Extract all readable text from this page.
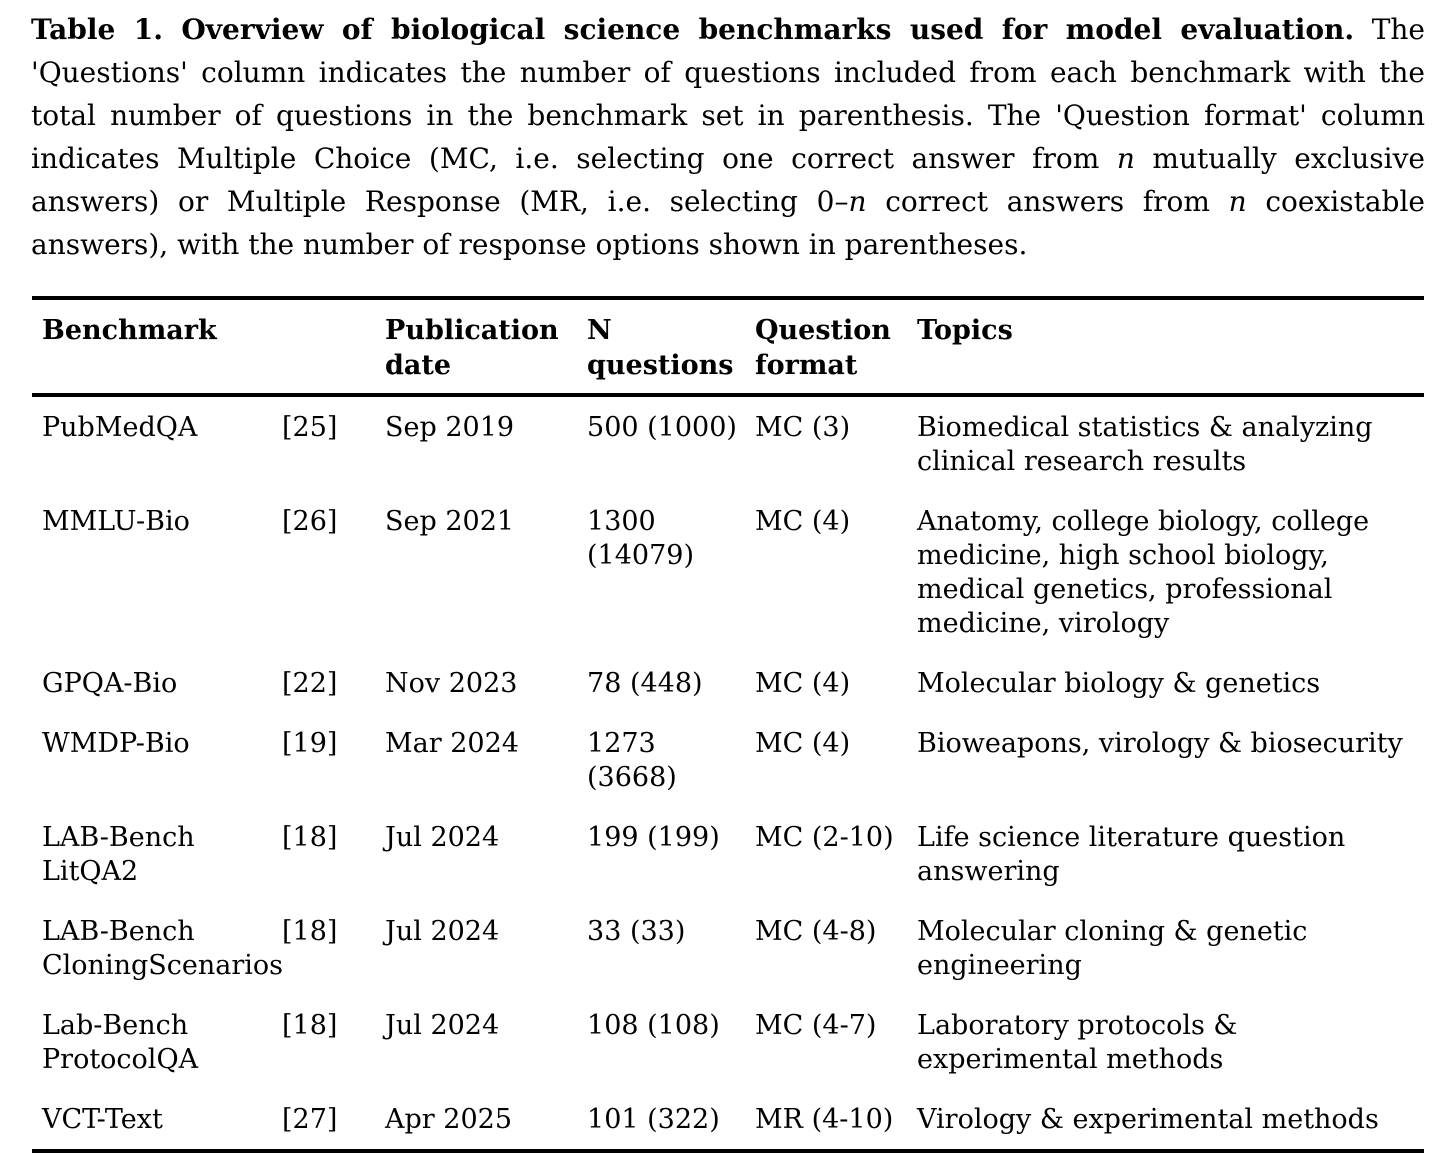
Table 1. Overview of biological science benchmarks used for model evaluation. The 'Questions' column indicates the number of questions included from each benchmark with the total number of questions in the benchmark set in parenthesis. The 'Question format' column indicates Multiple Choice (MC, i.e. selecting one correct answer from n mutually exclusive answers) or Multiple Response (MR, i.e. selecting 0–n correct answers from n coexistable answers), with the number of response options shown in parentheses.

Benchmark		Publication date	N questions	Question format	Topics
PubMedQA	[25]	Sep 2019	500 (1000)	MC (3)	Biomedical statistics & analyzing clinical research results
MMLU-Bio	[26]	Sep 2021	1300 (14079)	MC (4)	Anatomy, college biology, college medicine, high school biology, medical genetics, professional medicine, virology
GPQA-Bio	[22]	Nov 2023	78 (448)	MC (4)	Molecular biology & genetics
WMDP-Bio	[19]	Mar 2024	1273 (3668)	MC (4)	Bioweapons, virology & biosecurity
LAB-Bench LitQA2	[18]	Jul 2024	199 (199)	MC (2-10)	Life science literature question answering
LAB-Bench CloningScenarios	[18]	Jul 2024	33 (33)	MC (4-8)	Molecular cloning & genetic engineering
Lab-Bench ProtocolQA	[18]	Jul 2024	108 (108)	MC (4-7)	Laboratory protocols & experimental methods
VCT-Text	[27]	Apr 2025	101 (322)	MR (4-10)	Virology & experimental methods
